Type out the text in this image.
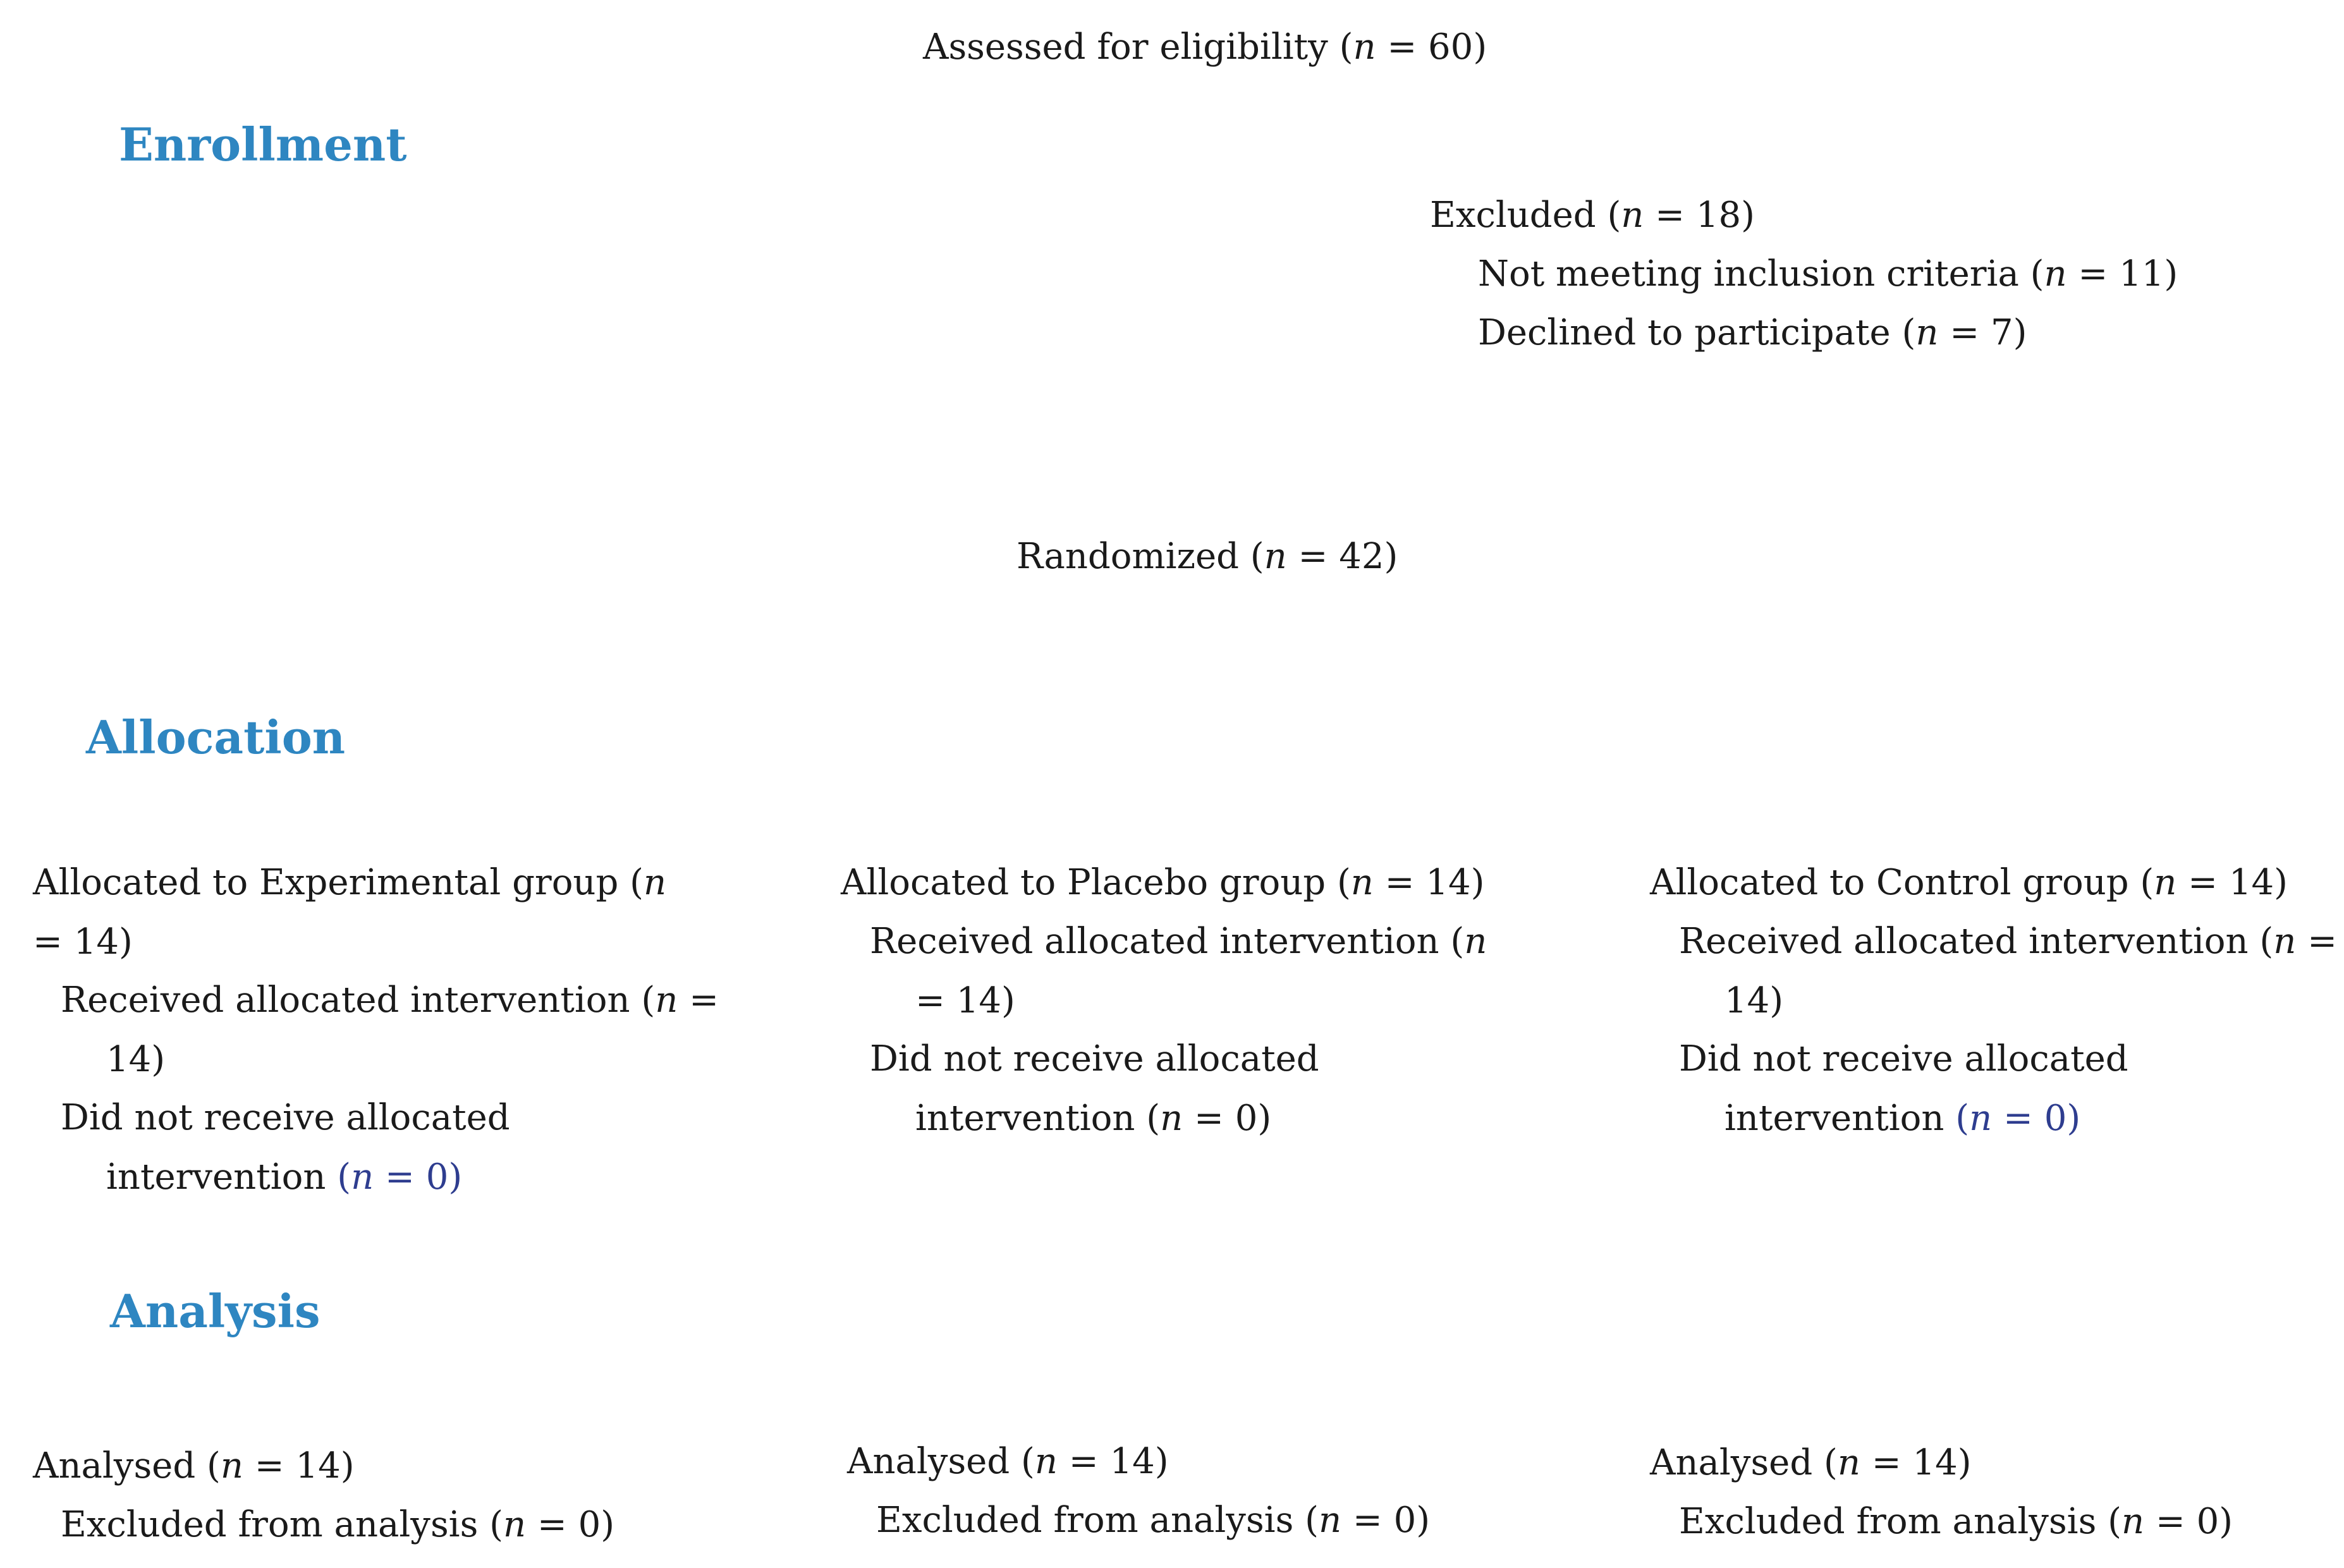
Assessed for eligibility (n = 60)
Enrollment
Excluded (n = 18)
Not meeting inclusion criteria (n = 11)
Declined to participate (n = 7)
Randomized (n = 42)
Allocation
Allocated to Experimental group (n = 14)
Received allocated intervention (n = 14)
Did not receive allocated intervention (n = 0)
Allocated to Placebo group (n = 14)
Received allocated intervention (n = 14)
Did not receive allocated intervention (n = 0)
Allocated to Control group (n = 14)
Received allocated intervention (n = 14)
Did not receive allocated intervention (n = 0)
Analysis
Analysed (n = 14)
Excluded from analysis (n = 0)
Analysed (n = 14)
Excluded from analysis (n = 0)
Analysed (n = 14)
Excluded from analysis (n = 0)
